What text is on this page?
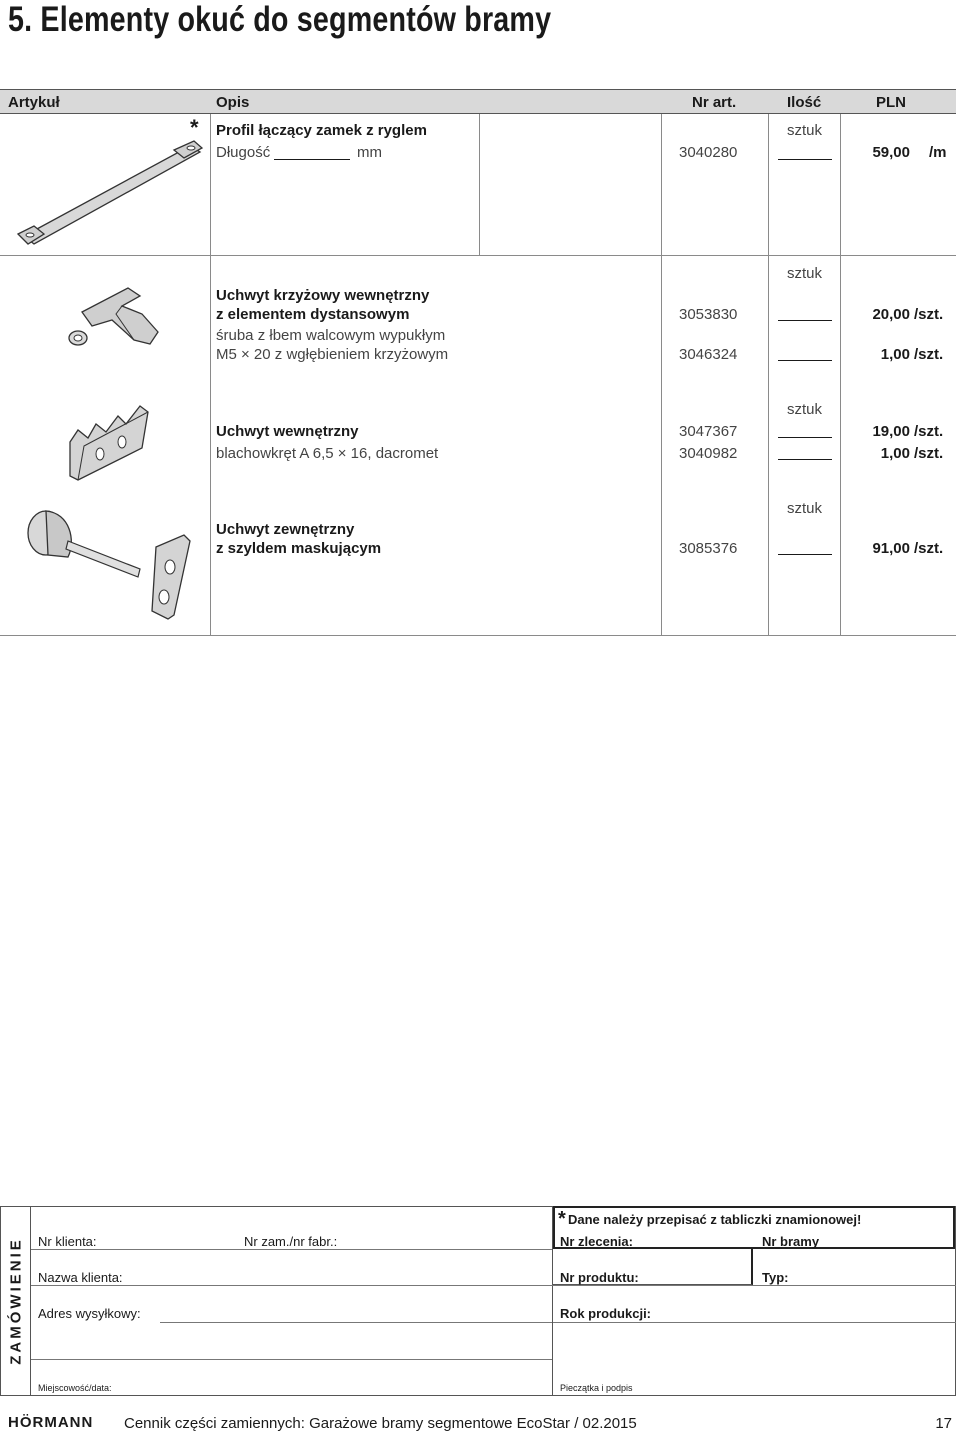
5. Elementy okuć do segmentów bramy
Artykuł	Opis	Nr art.	Ilość	PLN
* Profil łączący zamek z ryglem	sztuk
Długość	mm	3040280	59,00 /m
sztuk
Uchwyt krzyżowy wewnętrzny
z elementem dystansowym	3053830	20,00 /szt.
śruba z łbem walcowym wypukłym
M5 × 20 z wgłębieniem krzyżowym	3046324	1,00 /szt.
sztuk
Uchwyt wewnętrzny	3047367	19,00 /szt.
blachowkręt A 6,5 × 16, dacromet	3040982	1,00 /szt.
sztuk
Uchwyt zewnętrzny
z szyldem maskującym	3085376	91,00 /szt.
ZAMÓWIENIE
* Dane należy przepisać z tabliczki znamionowej!
Nr klienta:	Nr zam./nr fabr.:	Nr zlecenia:	Nr bramy
Nazwa klienta:	Nr produktu:	Typ:
Adres wysyłkowy:	Rok produkcji:
Miejscowość/data:	Pieczątka i podpis
HÖRMANN Cennik części zamiennych: Garażowe bramy segmentowe EcoStar / 02.2015	17
